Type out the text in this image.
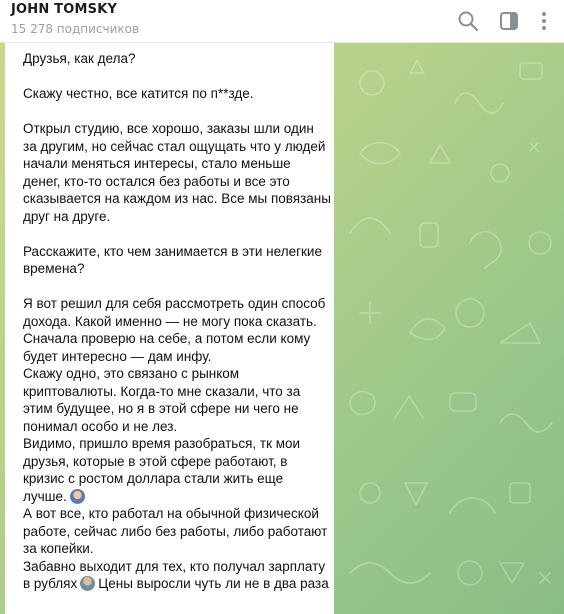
JOHN TOMSKY
15 278 подписчиков
Друзья, как дела?
Скажу честно, все катится по п**зде.
Открыл студию, все хорошо, заказы шли один
за другим, но сейчас стал ощущать что у людей
начали меняться интересы, стало меньше
денег, кто-то остался без работы и все это
сказывается на каждом из нас. Все мы повязаны
друг на друге.
Расскажите, кто чем занимается в эти нелегкие
времена?
Я вот решил для себя рассмотреть один способ
дохода. Какой именно — не могу пока сказать.
Сначала проверю на себе, а потом если кому
будет интересно — дам инфу.
Скажу одно, это связано с рынком
криптовалюты. Когда-то мне сказали, что за
этим будущее, но я в этой сфере ни чего не
понимал особо и не лез.
Видимо, пришло время разобраться, тк мои
друзья, которые в этой сфере работают, в
кризис с ростом доллара стали жить еще
лучше.
А вот все, кто работал на обычной физической
работе, сейчас либо без работы, либо работают
за копейки.
Забавно выходит для тех, кто получал зарплату
в рублях Цены выросли чуть ли не в два раза
